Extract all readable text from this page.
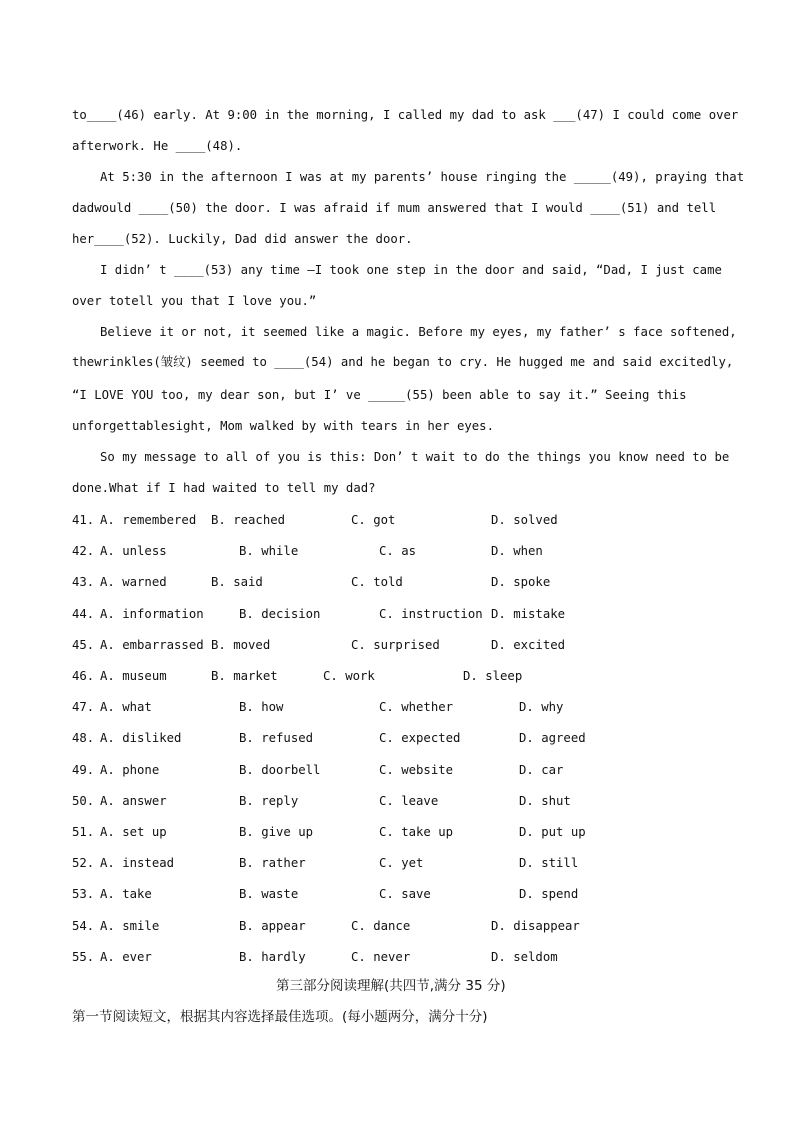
to____(46) early. At 9:00 in the morning, I called my dad to ask ___(47) I could come over
afterwork. He ____(48).
At 5:30 in the afternoon I was at my parents’ house ringing the _____(49), praying that
dadwould ____(50) the door. I was afraid if mum answered that I would ____(51) and tell
her____(52). Luckily, Dad did answer the door.
I didn’ t ____(53) any time —I took one step in the door and said, “Dad, I just came
over totell you that I love you.”
Believe it or not, it seemed like a magic. Before my eyes, my father’ s face softened,
thewrinkles(皱纹) seemed to ____(54) and he began to cry. He hugged me and said excitedly,
“I LOVE YOU too, my dear son, but I’ ve _____(55) been able to say it.” Seeing this
unforgettablesight, Mom walked by with tears in her eyes.
So my message to all of you is this: Don’ t wait to do the things you know need to be
done.What if I had waited to tell my dad?
41. A. remembered B. reached	C. got	D. solved
42. A. unless	B. while	C. as	D. when
43. A. warned	B. said	C. told	D. spoke
44. A. information	B. decision	C. instruction D. mistake
45. A. embarrassed B. moved	C. surprised	D. excited
46. A. museum	B. market	C. work	D. sleep
47. A. what	B. how	C. whether	D. why
48. A. disliked	B. refused	C. expected	D. agreed
49. A. phone	B. doorbell	C. website	D. car
50. A. answer	B. reply	C. leave	D. shut
51. A. set up	B. give up	C. take up	D. put up
52. A. instead	B. rather	C. yet	D. still
53. A. take	B. waste	C. save	D. spend
54. A. smile	B. appear	C. dance	D. disappear
55. A. ever	B. hardly	C. never	D. seldom
第三部分阅读理解(共四节,满分 35 分)
第一节阅读短文，根据其内容选择最佳选项。(每小题两分，满分十分)
